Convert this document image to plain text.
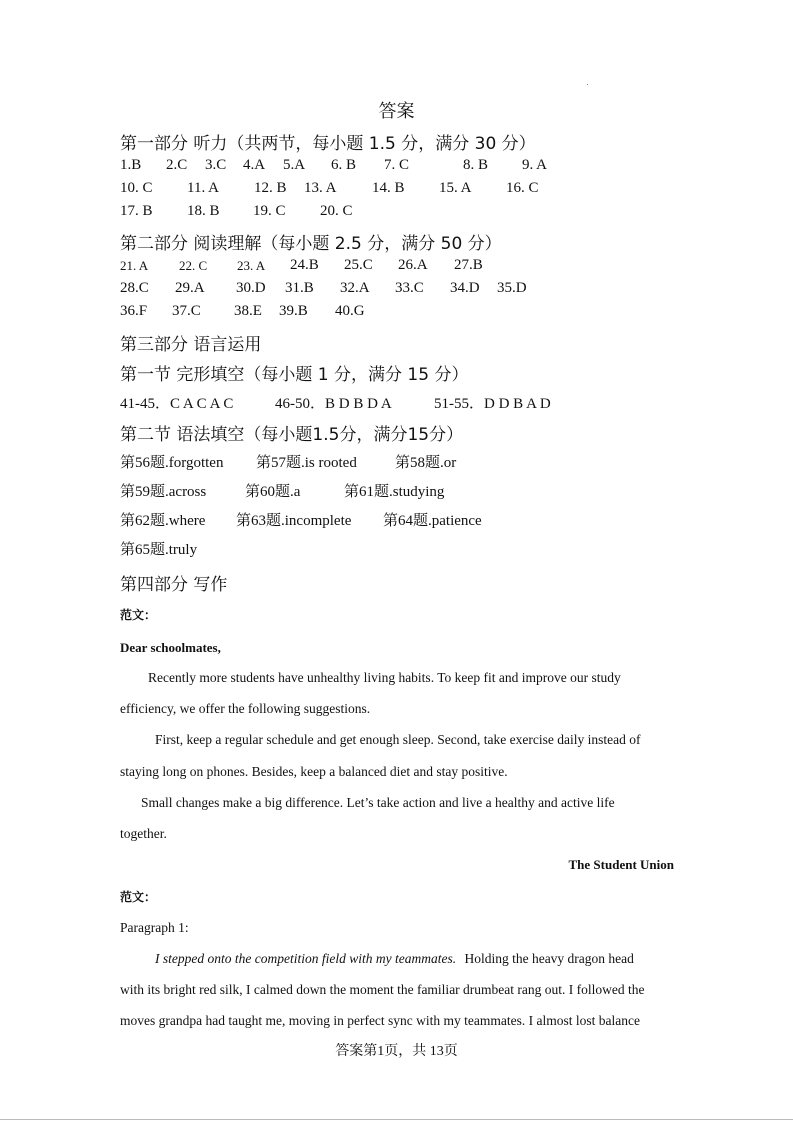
答案
第一部分 听力（共两节，每小题 1.5 分，满分 30 分）
1.B 2.C 3.C 4.A 5.A 6. B 7. C	8. B 9. A
10. C 11. A 12. B 13. A 14. B 15. A 16. C
17. B 18. B 19. C 20. C
第二部分 阅读理解（每小题 2.5 分，满分 50 分）
21. A 22. C 23. A 24.B 25.C 26.A 27.B
28.C 29.A 30.D 31.B 32.A 33.C 34.D 35.D
36.F 37.C 38.E 39.B 40.G
第三部分 语言运用
第一节 完形填空（每小题 1 分，满分 15 分）
41-45．C A C A C	46-50．B D B D A	51-55．D D B A D
第二节 语法填空（每小题1.5分，满分15分）
第56题.forgotten 第57题.is rooted	第58题.or
第59题.across	第60题.a	第61题.studying
第62题.where 第63题.incomplete 第64题.patience
第65题.truly
第四部分 写作
范文：
Dear schoolmates,
Recently more students have unhealthy living habits. To keep fit and improve our study
efficiency, we offer the following suggestions.
First, keep a regular schedule and get enough sleep. Second, take exercise daily instead of
staying long on phones. Besides, keep a balanced diet and stay positive.
Small changes make a big difference. Let’s take action and live a healthy and active life
together.
The Student Union
范文：
Paragraph 1:
I stepped onto the competition field with my teammates. Holding the heavy dragon head
with its bright red silk, I calmed down the moment the familiar drumbeat rang out. I followed the
moves grandpa had taught me, moving in perfect sync with my teammates. I almost lost balance
答案第1页，共 13页
